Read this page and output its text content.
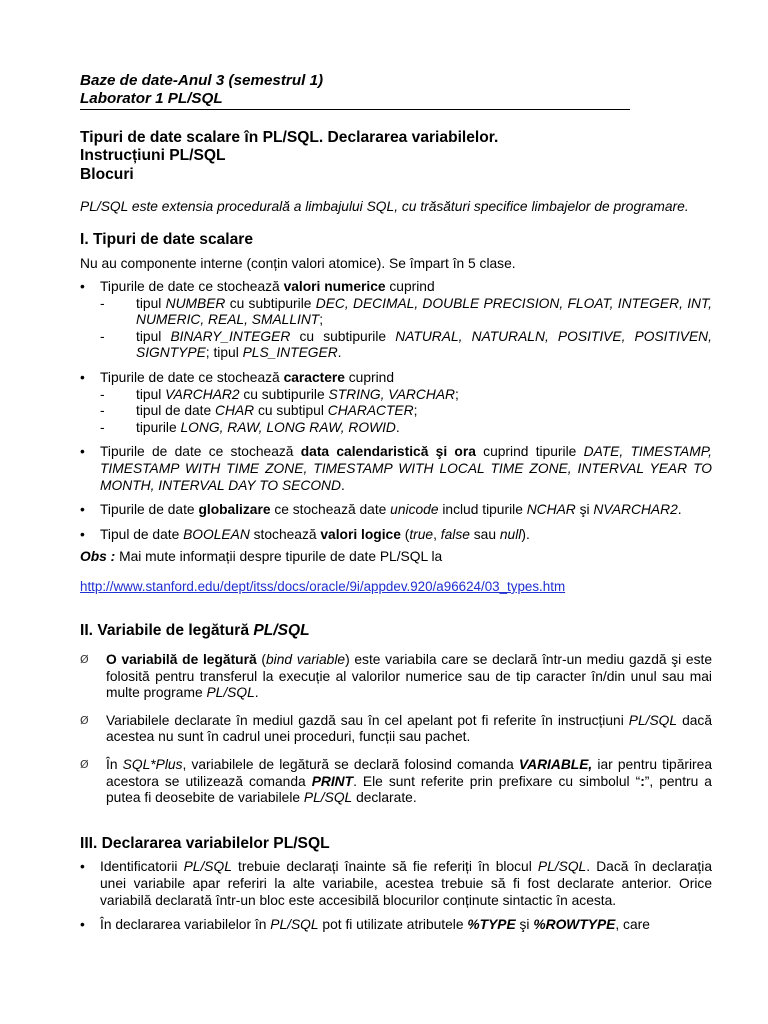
Baze de date-Anul 3 (semestrul 1)
Laborator 1 PL/SQL
Tipuri de date scalare în PL/SQL. Declararea variabilelor.
Instrucțiuni PL/SQL
Blocuri
PL/SQL este extensia procedurală a limbajului SQL, cu trăsături specifice limbajelor de programare.
I. Tipuri de date scalare
Nu au componente interne (conțin valori atomice). Se împart în 5 clase.
• Tipurile de date ce stochează valori numerice cuprind
- tipul NUMBER cu subtipurile DEC, DECIMAL, DOUBLE PRECISION, FLOAT, INTEGER, INT, NUMERIC, REAL, SMALLINT;
- tipul BINARY_INTEGER cu subtipurile NATURAL, NATURALN, POSITIVE, POSITIVEN, SIGNTYPE; tipul PLS_INTEGER.
• Tipurile de date ce stochează caractere cuprind
- tipul VARCHAR2 cu subtipurile STRING, VARCHAR;
- tipul de date CHAR cu subtipul CHARACTER;
- tipurile LONG, RAW, LONG RAW, ROWID.
• Tipurile de date ce stochează data calendaristică şi ora cuprind tipurile DATE, TIMESTAMP, TIMESTAMP WITH TIME ZONE, TIMESTAMP WITH LOCAL TIME ZONE, INTERVAL YEAR TO MONTH, INTERVAL DAY TO SECOND.
• Tipurile de date globalizare ce stochează date unicode includ tipurile NCHAR şi NVARCHAR2.
• Tipul de date BOOLEAN stochează valori logice (true, false sau null).
Obs : Mai mute informații despre tipurile de date PL/SQL la
http://www.stanford.edu/dept/itss/docs/oracle/9i/appdev.920/a96624/03_types.htm
II. Variabile de legătură PL/SQL
Ø O variabilă de legătură (bind variable) este variabila care se declară într-un mediu gazdă şi este folosită pentru transferul la execuție al valorilor numerice sau de tip caracter în/din unul sau mai multe programe PL/SQL.
Ø Variabilele declarate în mediul gazdă sau în cel apelant pot fi referite în instrucțiuni PL/SQL dacă acestea nu sunt în cadrul unei proceduri, funcții sau pachet.
Ø În SQL*Plus, variabilele de legătură se declară folosind comanda VARIABLE, iar pentru tipărirea acestora se utilizează comanda PRINT. Ele sunt referite prin prefixare cu simbolul “:”, pentru a putea fi deosebite de variabilele PL/SQL declarate.
III. Declararea variabilelor PL/SQL
• Identificatorii PL/SQL trebuie declarați înainte să fie referiți în blocul PL/SQL. Dacă în declarația unei variabile apar referiri la alte variabile, acestea trebuie să fi fost declarate anterior. Orice variabilă declarată într-un bloc este accesibilă blocurilor conținute sintactic în acesta.
• În declararea variabilelor în PL/SQL pot fi utilizate atributele %TYPE şi %ROWTYPE, care
